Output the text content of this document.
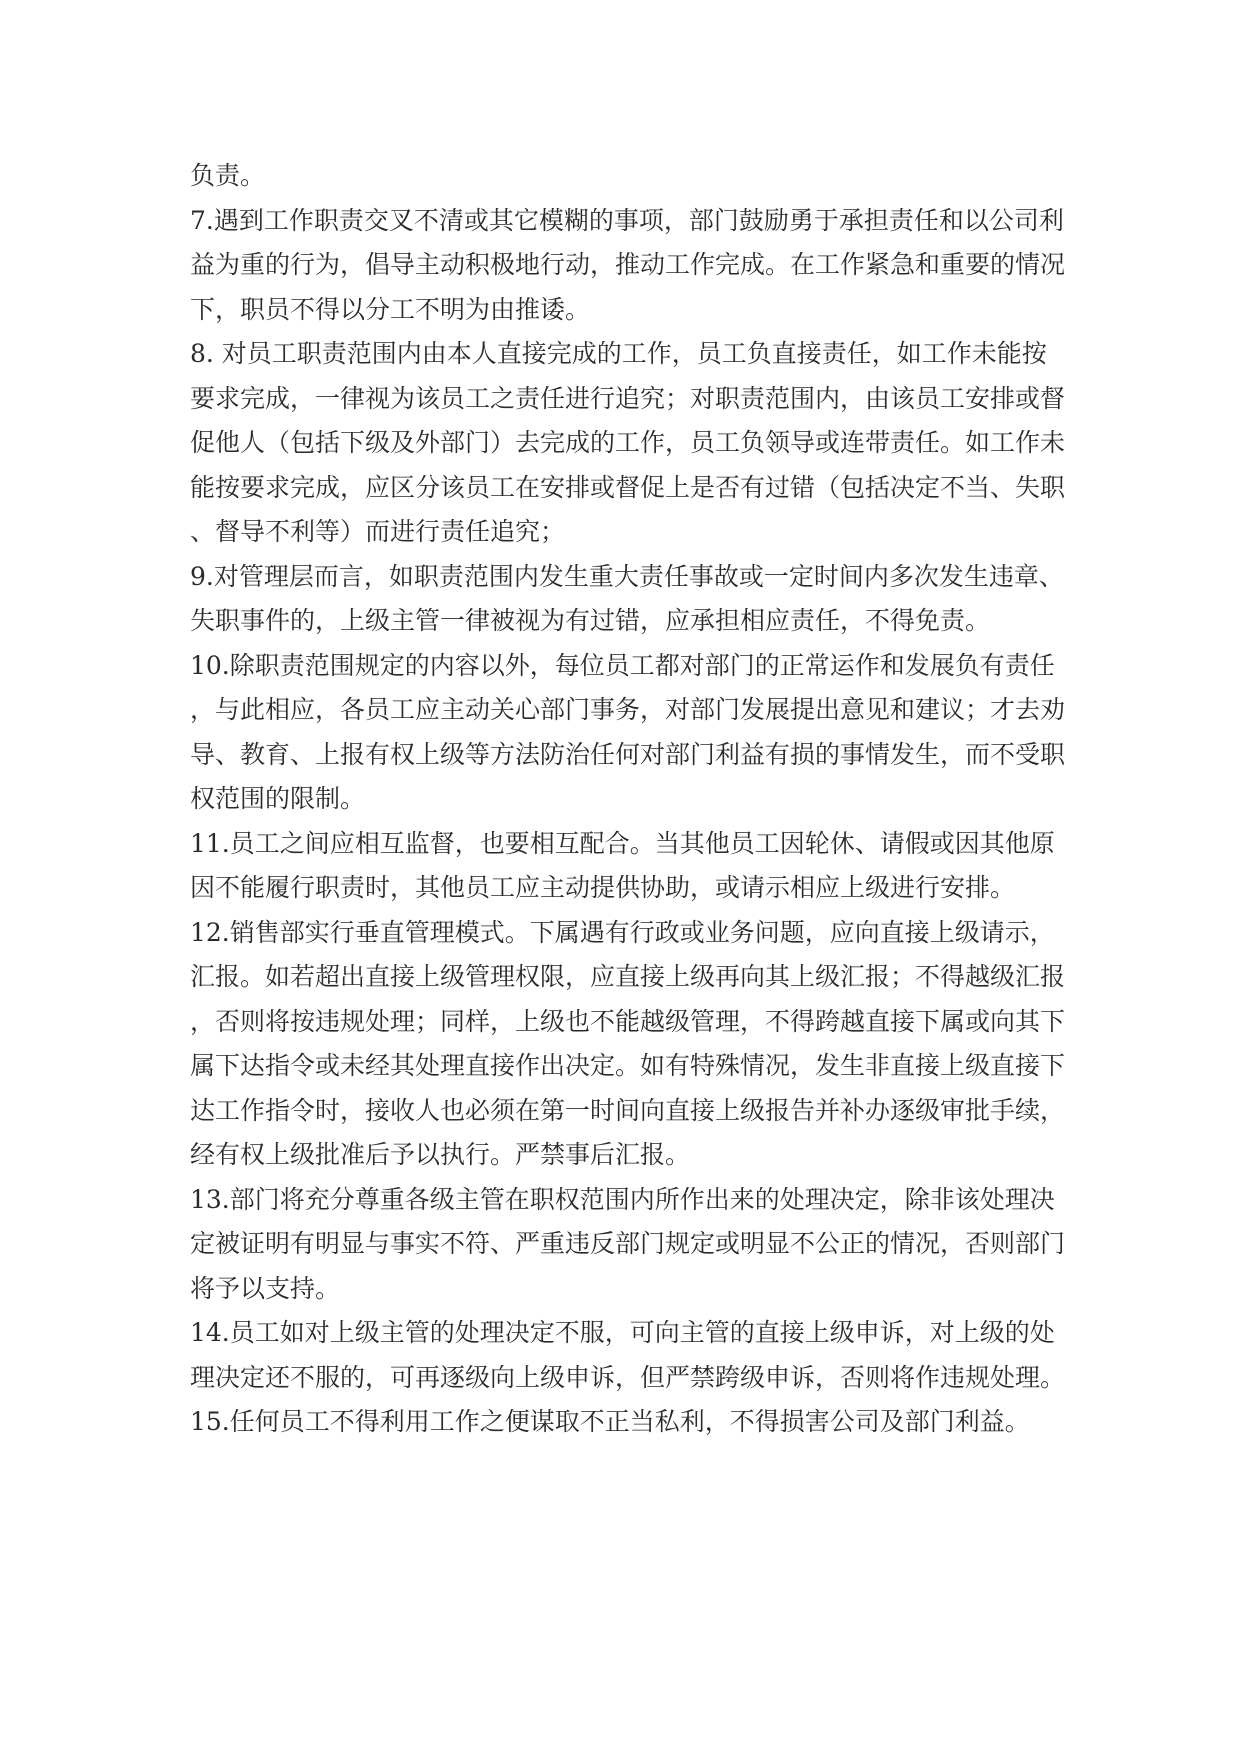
负责。
7.遇到工作职责交叉不清或其它模糊的事项，部门鼓励勇于承担责任和以公司利
益为重的行为，倡导主动积极地行动，推动工作完成。在工作紧急和重要的情况
下，职员不得以分工不明为由推诿。
8. 对员工职责范围内由本人直接完成的工作，员工负直接责任，如工作未能按
要求完成，一律视为该员工之责任进行追究；对职责范围内，由该员工安排或督
促他人（包括下级及外部门）去完成的工作，员工负领导或连带责任。如工作未
能按要求完成，应区分该员工在安排或督促上是否有过错（包括决定不当、失职
、督导不利等）而进行责任追究；
9.对管理层而言，如职责范围内发生重大责任事故或一定时间内多次发生违章、
失职事件的，上级主管一律被视为有过错，应承担相应责任，不得免责。
10.除职责范围规定的内容以外，每位员工都对部门的正常运作和发展负有责任
，与此相应，各员工应主动关心部门事务，对部门发展提出意见和建议；才去劝
导、教育、上报有权上级等方法防治任何对部门利益有损的事情发生，而不受职
权范围的限制。
11.员工之间应相互监督，也要相互配合。当其他员工因轮休、请假或因其他原
因不能履行职责时，其他员工应主动提供协助，或请示相应上级进行安排。
12.销售部实行垂直管理模式。下属遇有行政或业务问题，应向直接上级请示，
汇报。如若超出直接上级管理权限，应直接上级再向其上级汇报；不得越级汇报
，否则将按违规处理；同样，上级也不能越级管理，不得跨越直接下属或向其下
属下达指令或未经其处理直接作出决定。如有特殊情况，发生非直接上级直接下
达工作指令时，接收人也必须在第一时间向直接上级报告并补办逐级审批手续，
经有权上级批准后予以执行。严禁事后汇报。
13.部门将充分尊重各级主管在职权范围内所作出来的处理决定，除非该处理决
定被证明有明显与事实不符、严重违反部门规定或明显不公正的情况，否则部门
将予以支持。
14.员工如对上级主管的处理决定不服，可向主管的直接上级申诉，对上级的处
理决定还不服的，可再逐级向上级申诉，但严禁跨级申诉，否则将作违规处理。
15.任何员工不得利用工作之便谋取不正当私利，不得损害公司及部门利益。
